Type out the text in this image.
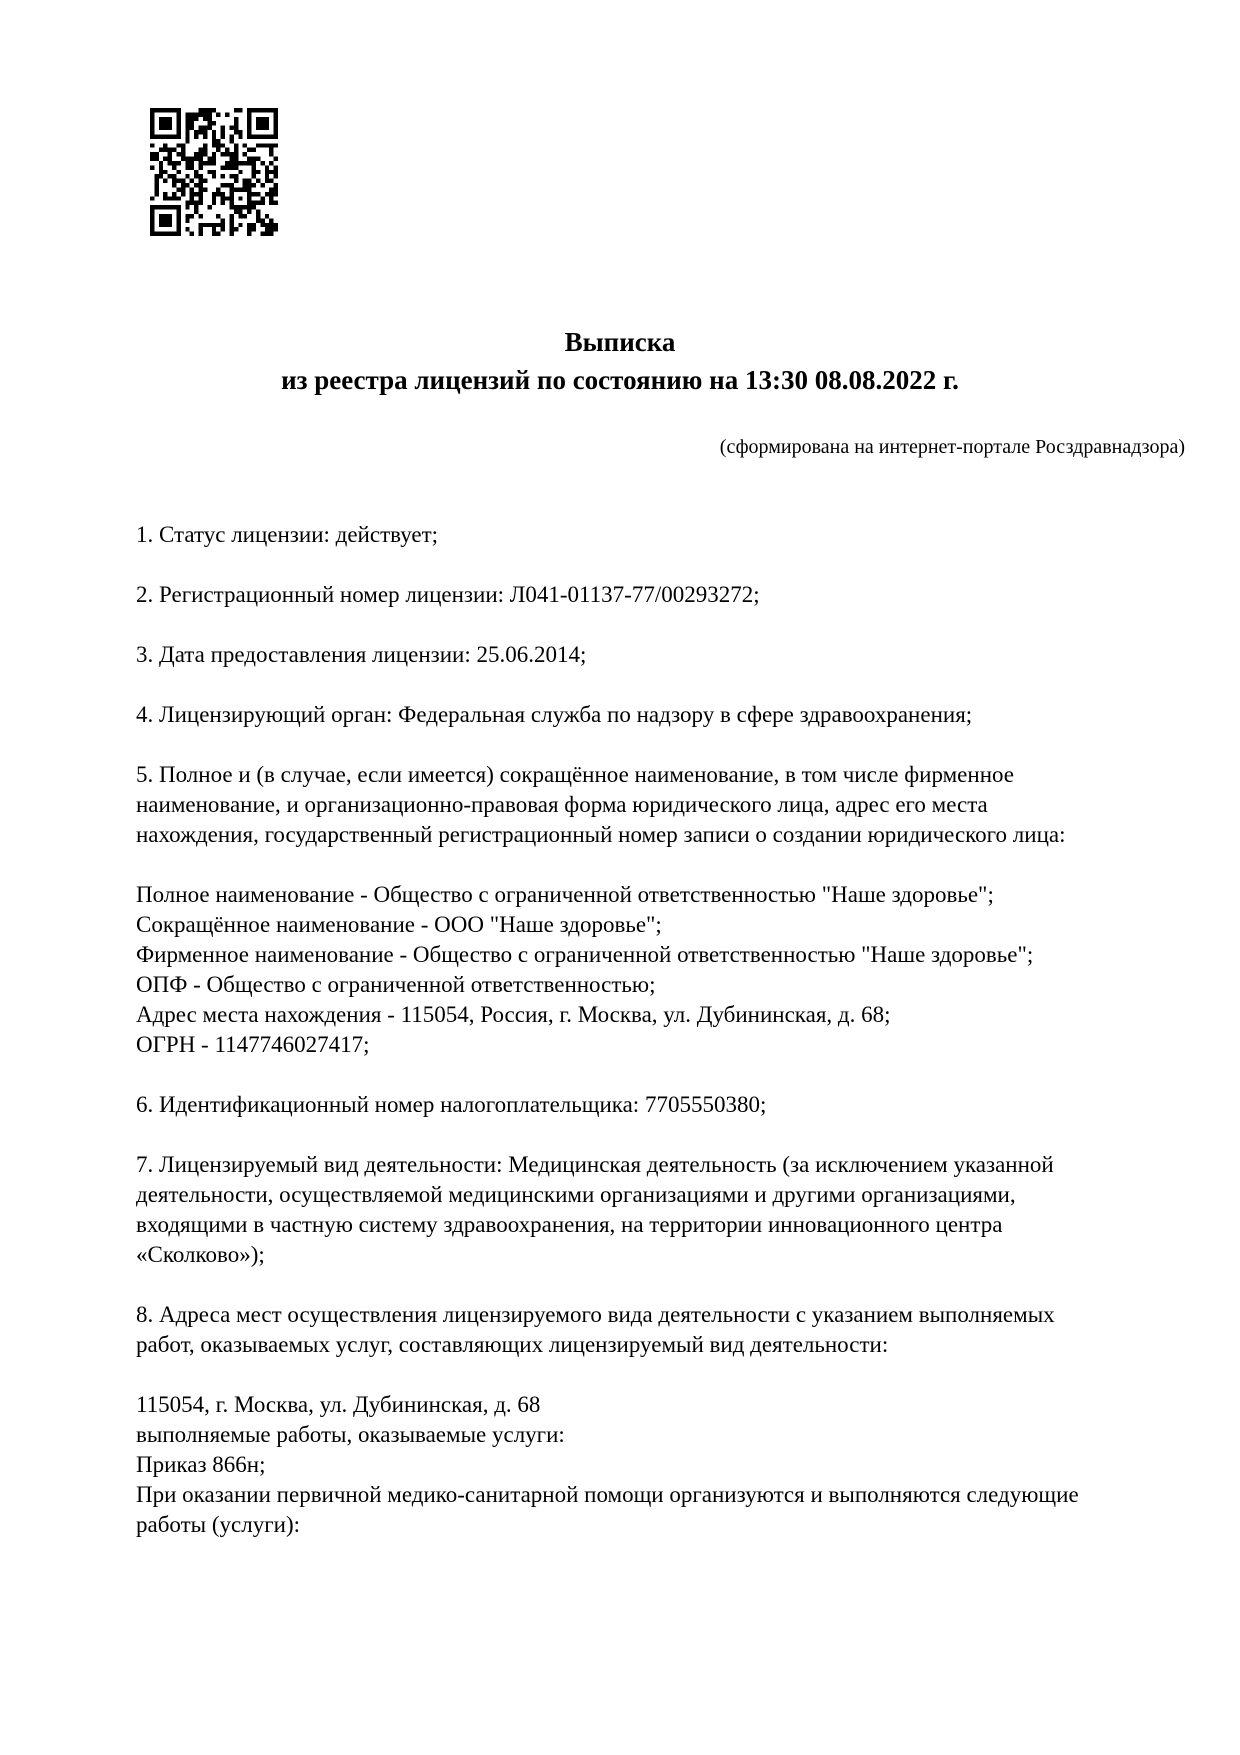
Выписка
из реестра лицензий по состоянию на 13:30 08.08.2022 г.
(сформирована на интернет-портале Росздравнадзора)
1. Статус лицензии: действует;
2. Регистрационный номер лицензии: Л041-01137-77/00293272;
3. Дата предоставления лицензии: 25.06.2014;
4. Лицензирующий орган: Федеральная служба по надзору в сфере здравоохранения;
5. Полное и (в случае, если имеется) сокращённое наименование, в том числе фирменное
наименование, и организационно-правовая форма юридического лица, адрес его места
нахождения, государственный регистрационный номер записи о создании юридического лица:
Полное наименование - Общество с ограниченной ответственностью "Наше здоровье";
Сокращённое наименование - ООО "Наше здоровье";
Фирменное наименование - Общество с ограниченной ответственностью "Наше здоровье";
ОПФ - Общество с ограниченной ответственностью;
Адрес места нахождения - 115054, Россия, г. Москва, ул. Дубининская, д. 68;
ОГРН - 1147746027417;
6. Идентификационный номер налогоплательщика: 7705550380;
7. Лицензируемый вид деятельности: Медицинская деятельность (за исключением указанной
деятельности, осуществляемой медицинскими организациями и другими организациями,
входящими в частную систему здравоохранения, на территории инновационного центра
«Сколково»);
8. Адреса мест осуществления лицензируемого вида деятельности с указанием выполняемых
работ, оказываемых услуг, составляющих лицензируемый вид деятельности:
115054, г. Москва, ул. Дубининская, д. 68
выполняемые работы, оказываемые услуги:
Приказ 866н;
При оказании первичной медико-санитарной помощи организуются и выполняются следующие
работы (услуги):
